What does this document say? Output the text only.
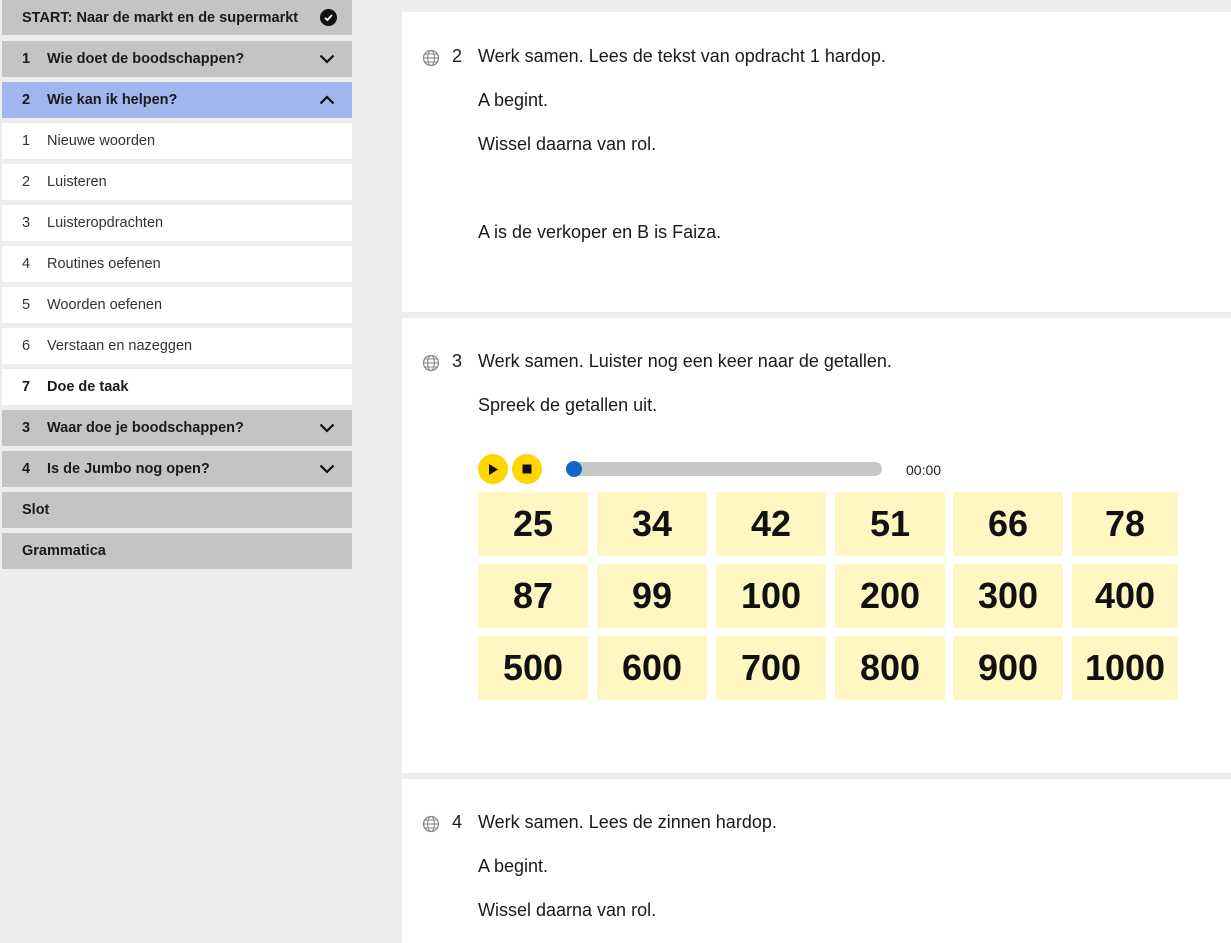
START: Naar de markt en de supermarkt
1	Wie doet de boodschappen?
2	Wie kan ik helpen?
1	Nieuwe woorden
2	Luisteren
3	Luisteropdrachten
4	Routines oefenen
5	Woorden oefenen
6	Verstaan en nazeggen
7	Doe de taak
3	Waar doe je boodschappen?
4	Is de Jumbo nog open?
Slot
Grammatica
2 Werk samen. Lees de tekst van opdracht 1 hardop.
A begint.
Wissel daarna van rol.
A is de verkoper en B is Faiza.
3 Werk samen. Luister nog een keer naar de getallen.
Spreek de getallen uit.
00:00
25	34	42	51	66	78
87	99	100	200	300	400
500	600	700	800	900	1000
4 Werk samen. Lees de zinnen hardop.
A begint.
Wissel daarna van rol.
